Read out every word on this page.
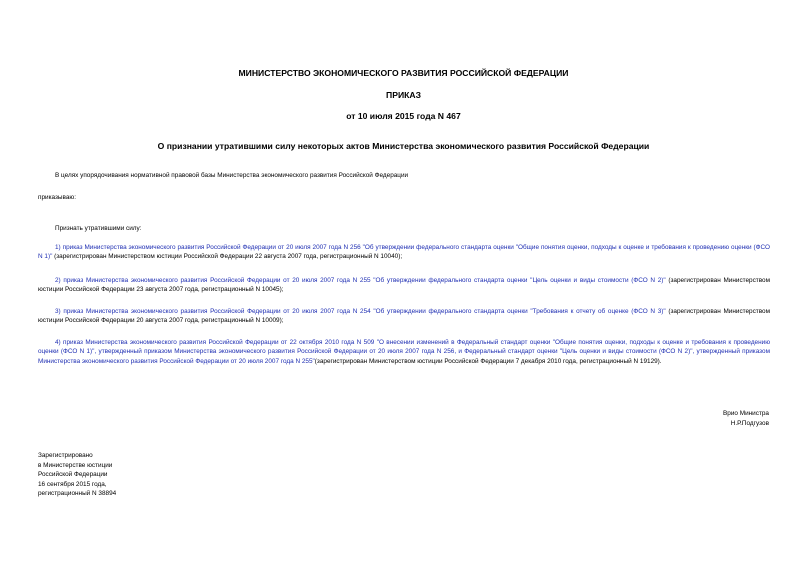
МИНИСТЕРСТВО ЭКОНОМИЧЕСКОГО РАЗВИТИЯ РОССИЙСКОЙ ФЕДЕРАЦИИ
ПРИКАЗ
от 10 июля 2015 года N 467
О признании утратившими силу некоторых актов Министерства экономического развития Российской Федерации
В целях упорядочивания нормативной правовой базы Министерства экономического развития Российской Федерации
приказываю:
Признать утратившими силу:
1) приказ Министерства экономического развития Российской Федерации от 20 июля 2007 года N 256 "Об утверждении федерального стандарта оценки "Общие понятия оценки, подходы к оценке и требования к проведению оценки (ФСО N 1)" (зарегистрирован Министерством юстиции Российской Федерации 22 августа 2007 года, регистрационный N 10040);
2) приказ Министерства экономического развития Российской Федерации от 20 июля 2007 года N 255 "Об утверждении федерального стандарта оценки "Цель оценки и виды стоимости (ФСО N 2)" (зарегистрирован Министерством юстиции Российской Федерации 23 августа 2007 года, регистрационный N 10045);
3) приказ Министерства экономического развития Российской Федерации от 20 июля 2007 года N 254 "Об утверждении федерального стандарта оценки "Требования к отчету об оценке (ФСО N 3)" (зарегистрирован Министерством юстиции Российской Федерации 20 августа 2007 года, регистрационный N 10009);
4) приказ Министерства экономического развития Российской Федерации от 22 октября 2010 года N 509 "О внесении изменений в Федеральный стандарт оценки "Общие понятия оценки, подходы к оценке и требования к проведению оценки (ФСО N 1)", утвержденный приказом Министерства экономического развития Российской Федерации от 20 июля 2007 года N 256, и Федеральный стандарт оценки "Цель оценки и виды стоимости (ФСО N 2)", утвержденный приказом Министерства экономического развития Российской Федерации от 20 июля 2007 года N 255"(зарегистрирован Министерством юстиции Российской Федерации 7 декабря 2010 года, регистрационный N 19129).
Врио Министра
Н.Р.Подгузов
Зарегистрировано
в Министерстве юстиции
Российской Федерации
16 сентября 2015 года,
регистрационный N 38894
